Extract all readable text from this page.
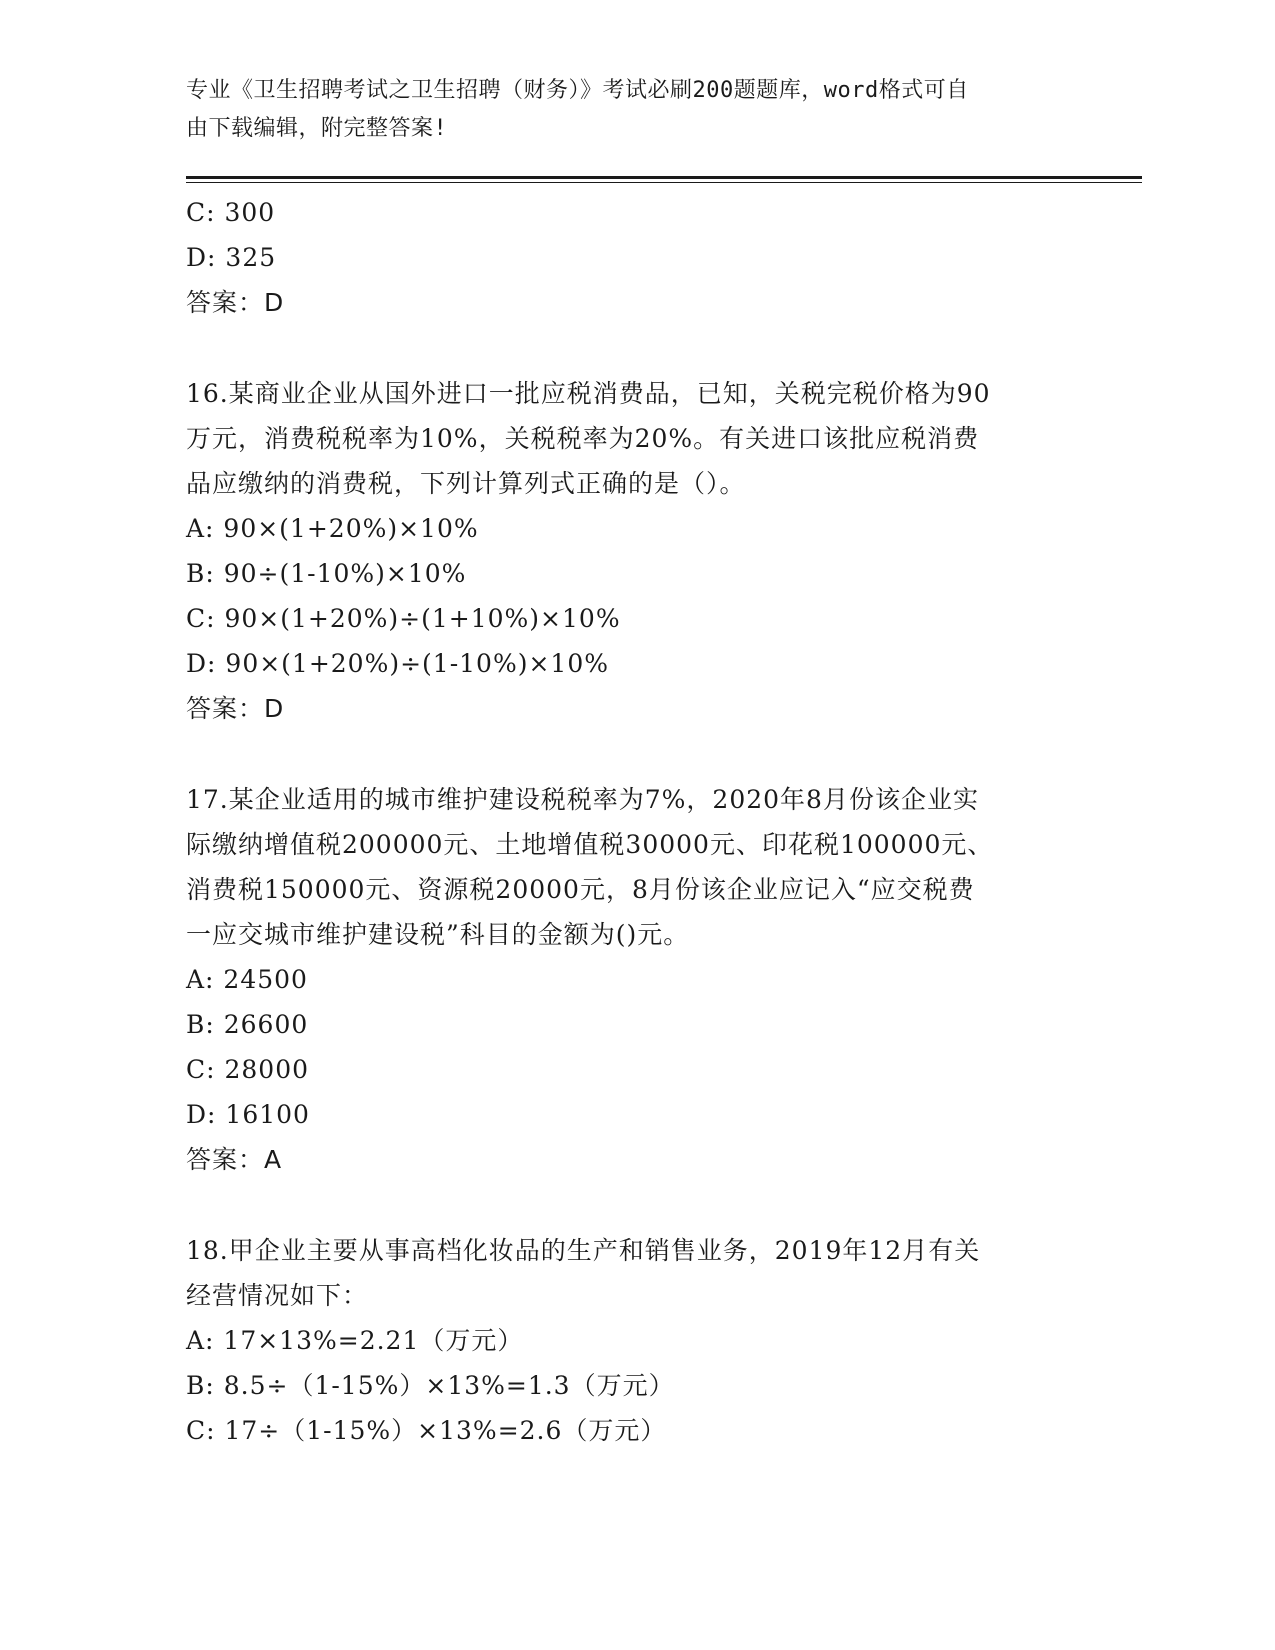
专业《卫生招聘考试之卫生招聘（财务）》考试必刷200题题库，word格式可自
由下载编辑，附完整答案!
C: 300
D: 325
答案：D
16.某商业企业从国外进口一批应税消费品，已知，关税完税价格为90
万元，消费税税率为10%，关税税率为20%。有关进口该批应税消费
品应缴纳的消费税，下列计算列式正确的是（）。
A: 90×(1+20%)×10%
B: 90÷(1-10%)×10%
C: 90×(1+20%)÷(1+10%)×10%
D: 90×(1+20%)÷(1-10%)×10%
答案：D
17.某企业适用的城市维护建设税税率为7%，2020年8月份该企业实
际缴纳增值税200000元、土地增值税30000元、印花税100000元、
消费税150000元、资源税20000元，8月份该企业应记入“应交税费
一应交城市维护建设税”科目的金额为()元。
A: 24500
B: 26600
C: 28000
D: 16100
答案：A
18.甲企业主要从事高档化妆品的生产和销售业务，2019年12月有关
经营情况如下：
A: 17×13%=2.21（万元）
B: 8.5÷（1-15%）×13%=1.3（万元）
C: 17÷（1-15%）×13%=2.6（万元）
